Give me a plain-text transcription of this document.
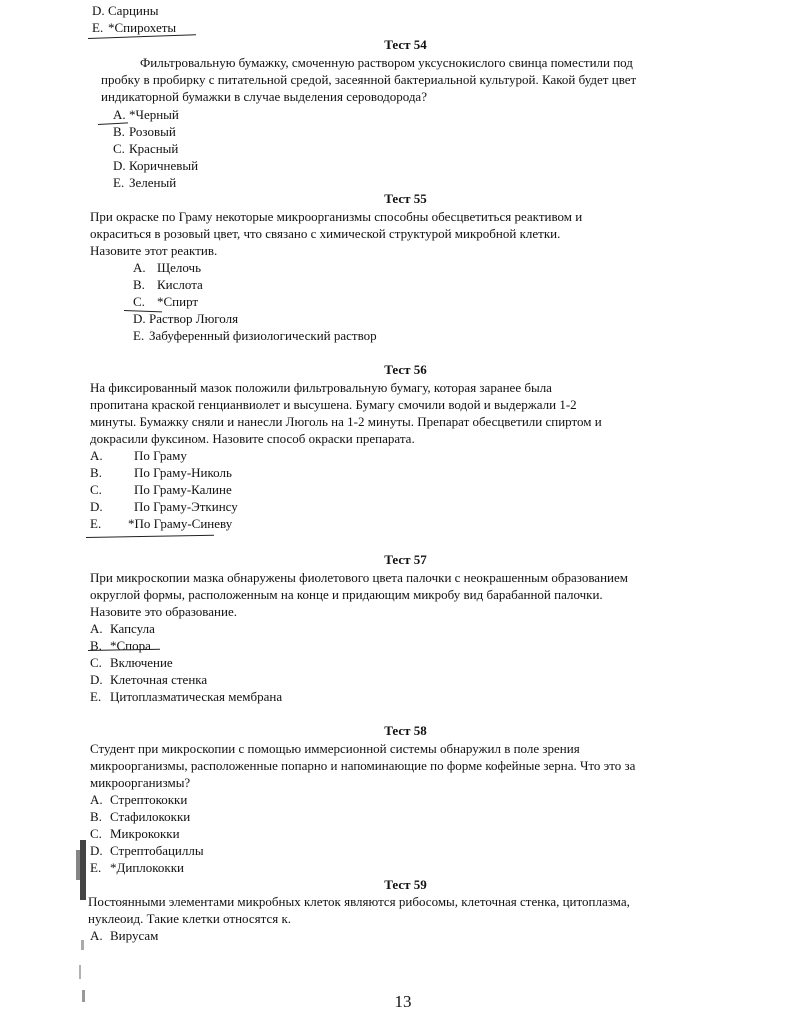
D. Сарцины
E. *Спирохеты
Тест 54
Фильтровальную бумажку, смоченную раствором уксуснокислого свинца поместили под
пробку в пробирку с питательной средой, засеянной бактериальной культурой. Какой будет цвет
индикаторной бумажки в случае выделения сероводорода?
A. *Черный
B. Розовый
C. Красный
D. Коричневый
E. Зеленый
Тест 55
При окраске по Граму некоторые микроорганизмы способны обесцветиться реактивом и
окраситься в розовый цвет, что связано с химической структурой микробной клетки.
Назовите этот реактив.
A. Щелочь
B. Кислота
C. *Спирт
D. Раствор Люголя
E. Забуференный физиологический раствор
Тест 56
На фиксированный мазок положили фильтровальную бумагу, которая заранее была
пропитана краской генцианвиолет и высушена. Бумагу смочили водой и выдержали 1-2
минуты. Бумажку сняли и нанесли Люголь на 1-2 минуты. Препарат обесцветили спиртом и
докрасили фуксином. Назовите способ окраски препарата.
A. По Граму
B. По Граму-Николь
C. По Граму-Калине
D. По Граму-Эткинсу
E. *По Граму-Синеву
Тест 57
При микроскопии мазка обнаружены фиолетового цвета палочки с неокрашенным образованием
округлой формы, расположенным на конце и придающим микробу вид барабанной палочки.
Назовите это образование.
A. Капсула
B. *Спора
C. Включение
D. Клеточная стенка
E. Цитоплазматическая мембрана
Тест 58
Студент при микроскопии с помощью иммерсионной системы обнаружил в поле зрения
микроорганизмы, расположенные попарно и напоминающие по форме кофейные зерна. Что это за
микроорганизмы?
A. Стрептококки
B. Стафилококки
C. Микрококки
D. Стрептобациллы
E. *Диплококки
Тест 59
Постоянными элементами микробных клеток являются рибосомы, клеточная стенка, цитоплазма,
нуклеоид. Такие клетки относятся к.
A. Вирусам
13
